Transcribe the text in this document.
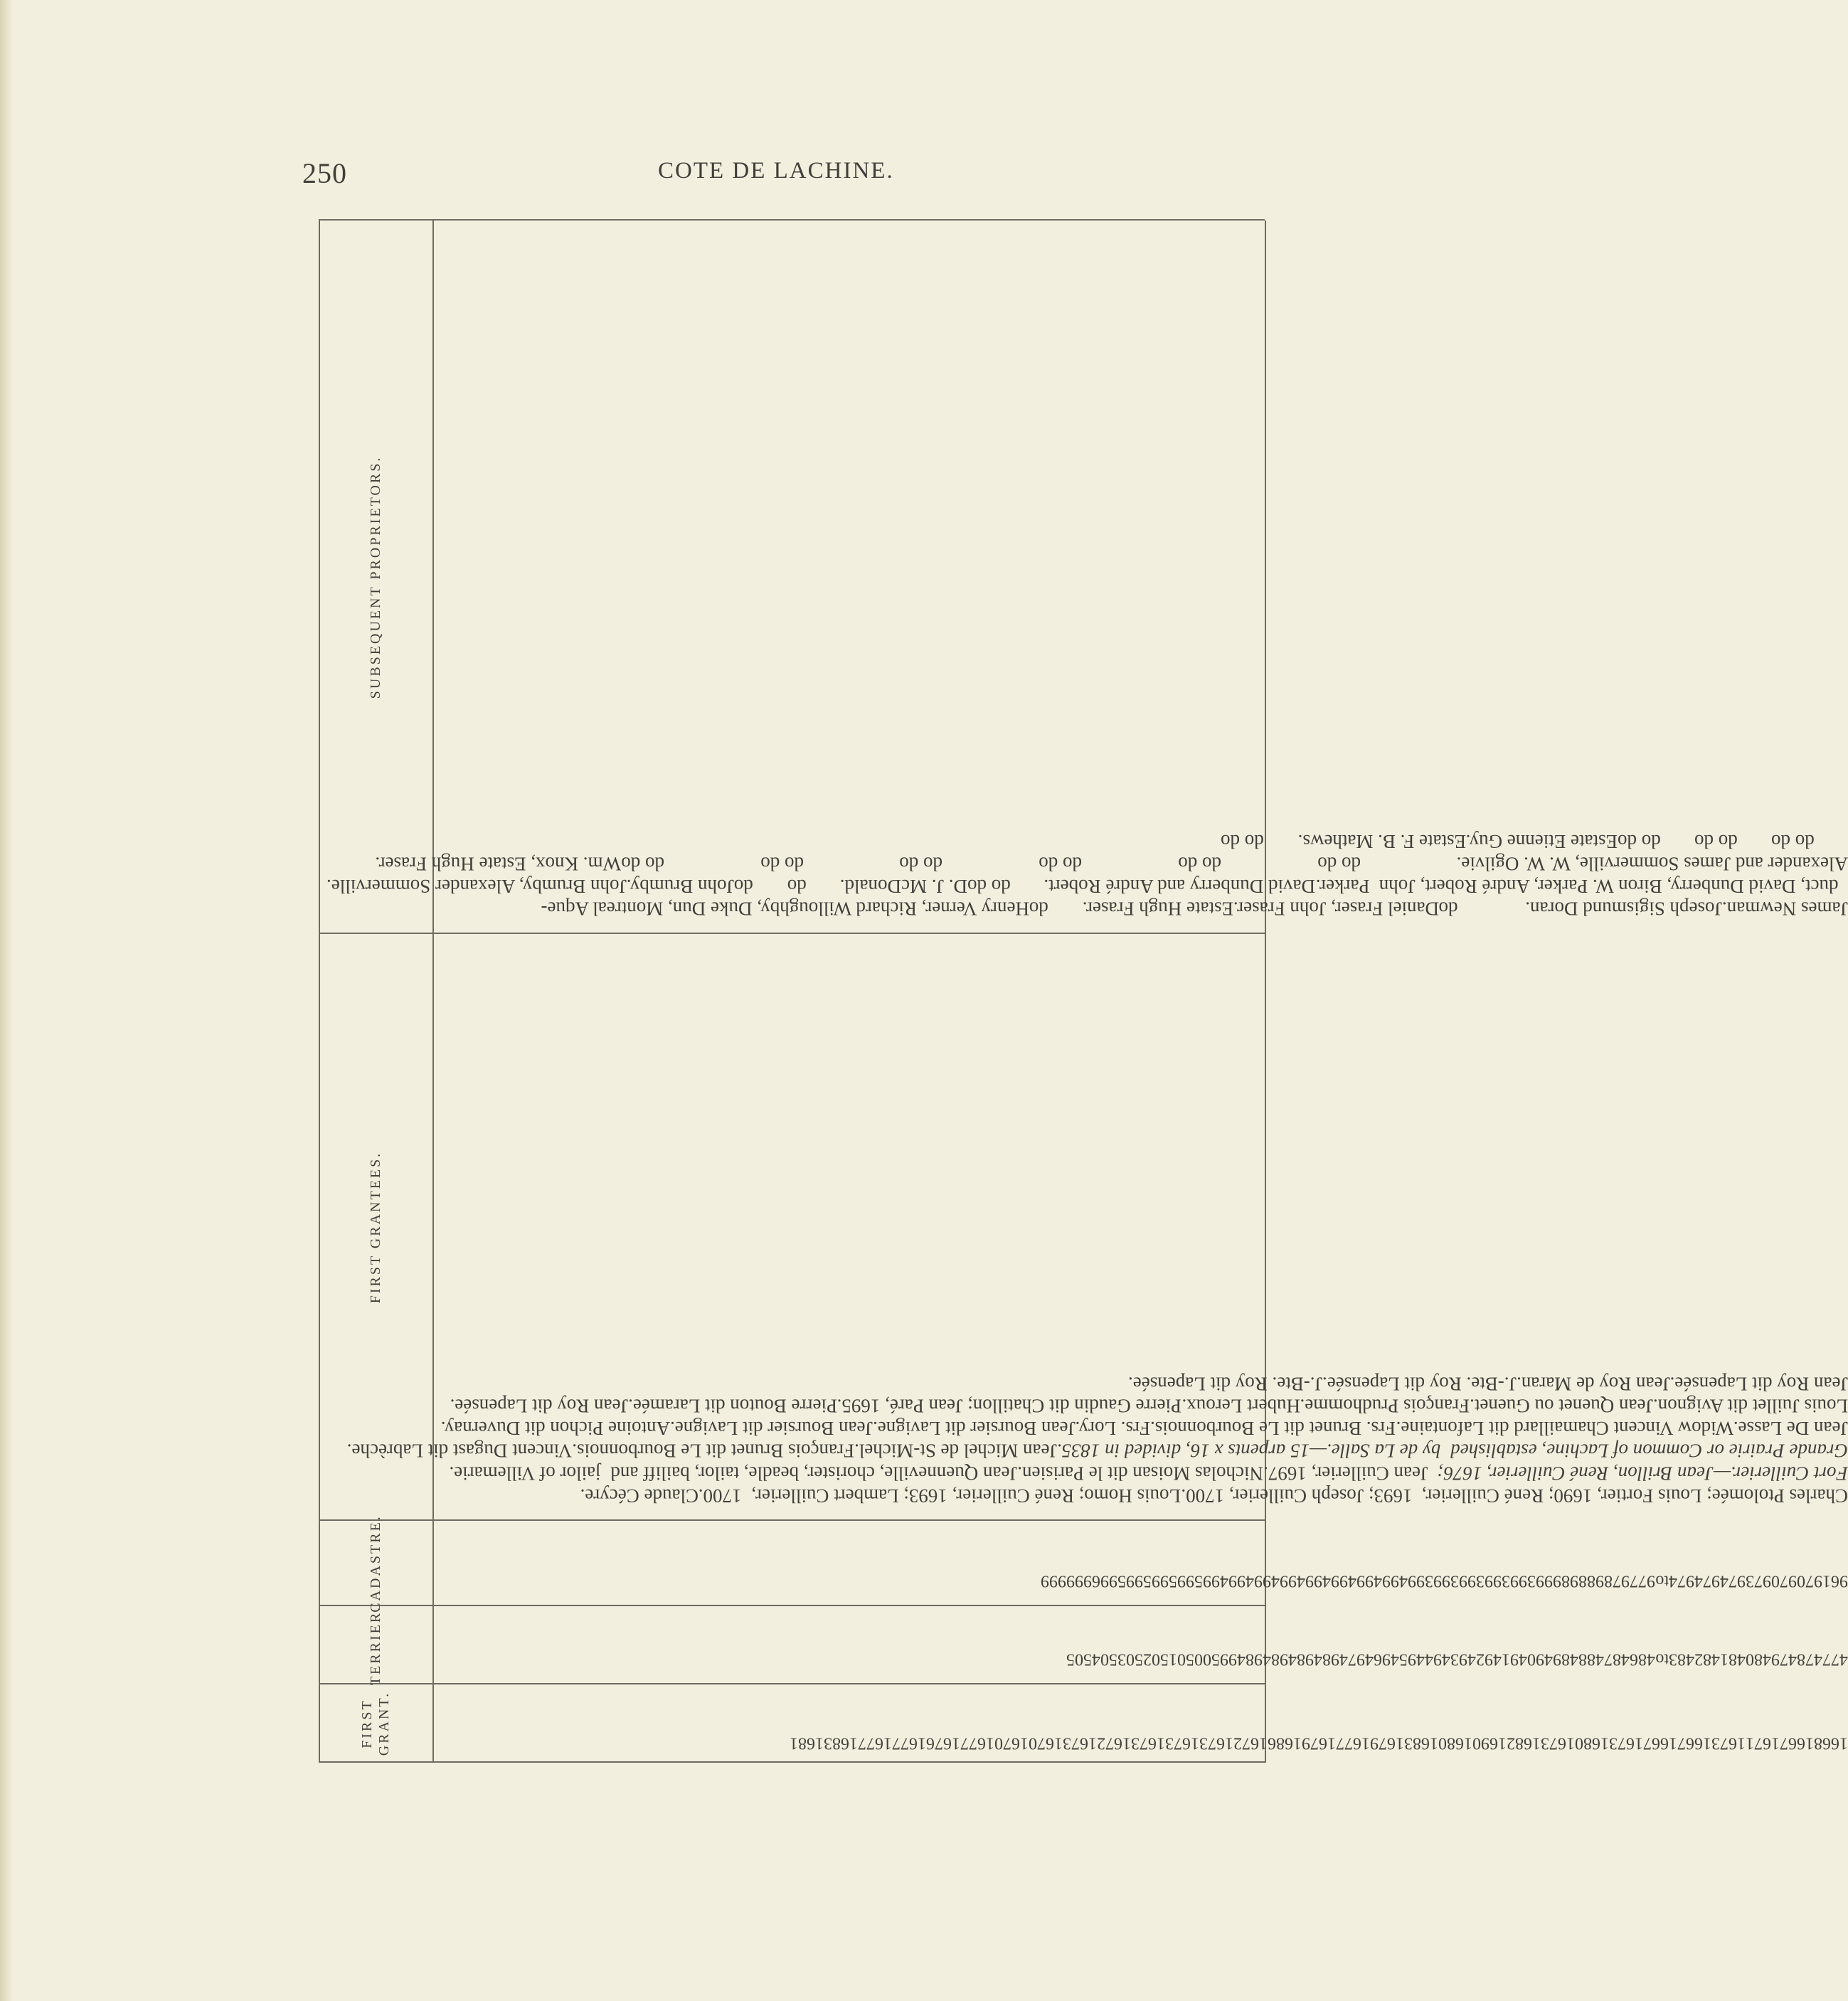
250	COTE DE LACHINE.
FIRST GRANT.
TERRIER.
CADASTRE.
FIRST GRANTEES.
SUBSEQUENT PROPRIETORS.
1668166716711673166716671673168016731682169016801683167916771679168616721673167316731672167316701670167716761677167716831681
477478479480481482483to486487488489490491492493494495496497498498498498499500501502503504505
961970970973974974974to977978988989993993993993993994994994994994994994994995995995995996999999
Charles Ptolomée; Louis Fortier, 1690; René Cuillerier,  1693; Joseph Cuillerier, 1700.Louis Homo; René Cuillerier, 1693; Lambert Cuillerier,  1700.Claude Cécyre.Fort Cuillerier.—Jean Brillon, René Cuillerier, 1676;  Jean Cuillerier, 1697.Nicholas Moisan dit le Parisien.Jean Quenneville, chorister, beadle, tailor, bailiff and  jailor of Villemarie.Grande Prairie or Common of Lachine, established  by de La Salle.—15 arpents x 16, divided in 1835.Jean Michel de St-Michel.François Brunet dit Le Bourbonnois.Vincent Dugast dit Labrèche.Jean De Lasse.Widow Vincent Chamaillard dit Lafontaine.Frs. Brunet dit Le Bourbonnois.Frs. Lory.Jean Boursier dit Lavigne.Jean Boursier dit Lavigne.Antoine Pichon dit Duvernay.Louis Juillet dit Avignon.Jean Quenet ou Guenet.François Prudhomme.Hubert Leroux.Pierre Gaudin dit Chatillon; Jean Paré, 1695.Pierre Bouton dit Laramée.Jean Roy dit Lapensée.Jean Roy dit Lapensée.Jean Roy de Maran.J.-Bte. Roy dit Lapensée.J.-Bte. Roy dit Lapensée.
James Newman.Joseph Sigismund Doran.              doDaniel Fraser, John Fraser.Estate Hugh Fraser.       doHenry Verner, Richard Willoughby, Duke Dun, Montreal Aque-  duct, David Dunberry, Biron W. Parker, André Robert, John  Parker.David Dunberry and André Robert.       do doD. J. McDonald.       do       doJohn Brumby.John Brumby, Alexander Sommerville.Alexander and James Sommerville, W. W. Ogilvie.                    do do                    do do                    do do                    do do                    do do                    do doWm. Knox, Estate Hugh Fraser.       do do       do do       do doEstate Etienne Guy.Estate F. B. Mathews.       do do
